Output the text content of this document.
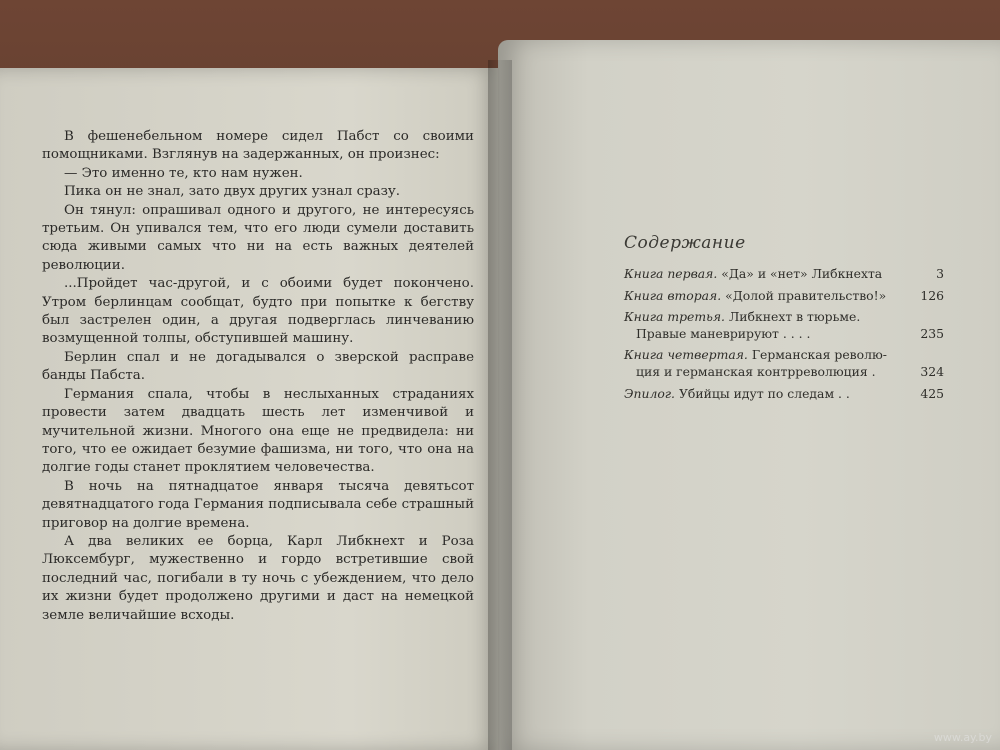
В фешенебельном номере сидел Пабст со своими помощниками. Взглянув на задержанных, он произнес:

— Это именно те, кто нам нужен.

Пика он не знал, зато двух других узнал сразу.

Он тянул: опрашивал одного и другого, не интересуясь третьим. Он упивался тем, что его люди сумели доставить сюда живыми самых что ни на есть важных деятелей революции.

...Пройдет час-другой, и с обоими будет покончено. Утром берлинцам сообщат, будто при попытке к бегству был застрелен один, а другая подверглась линчеванию возмущенной толпы, обступившей машину.

Берлин спал и не догадывался о зверской расправе банды Пабста.

Германия спала, чтобы в неслыханных страданиях провести затем двадцать шесть лет изменчивой и мучительной жизни. Многого она еще не предвидела: ни того, что ее ожидает безумие фашизма, ни того, что она на долгие годы станет проклятием человечества.

В ночь на пятнадцатое января тысяча девятьсот девятнадцатого года Германия подписывала себе страшный приговор на долгие времена.

А два великих ее борца, Карл Либкнехт и Роза Люксембург, мужественно и гордо встретившие свой последний час, погибали в ту ночь с убеждением, что дело их жизни будет продолжено другими и даст на немецкой земле величайшие всходы.

Содержание
Книга первая. «Да» и «нет» Либкнехта	3
Книга вторая. «Долой правительство!»	126
Книга третья. Либкнехт в тюрьме.
Правые маневрируют . . . .	235
Книга четвертая. Германская револю-
ция и германская контрреволюция .	324
Эпилог. Убийцы идут по следам . .	425
www.ay.by
